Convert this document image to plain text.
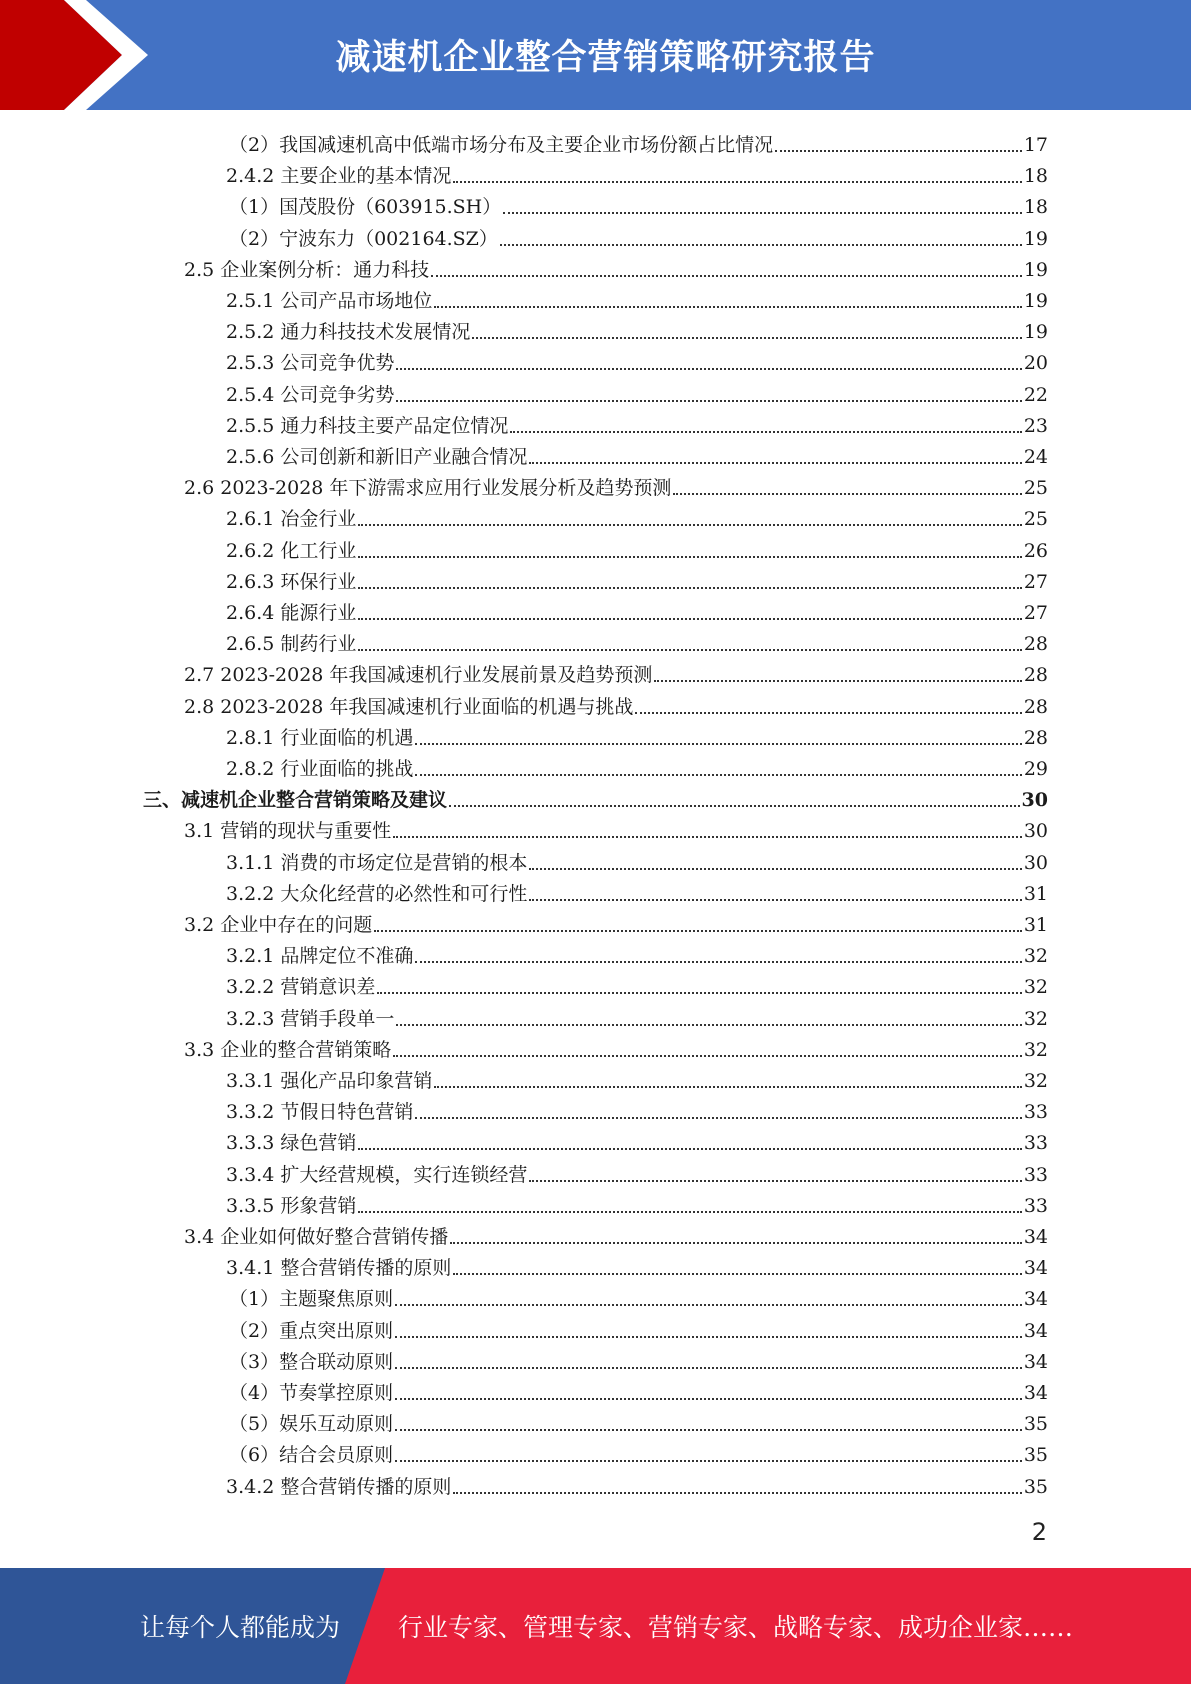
减速机企业整合营销策略研究报告
（2）我国减速机高中低端市场分布及主要企业市场份额占比情况	17
2.4.2 主要企业的基本情况	18
（1）国茂股份（603915.SH）	18
（2）宁波东力（002164.SZ）	19
2.5 企业案例分析：通力科技	19
2.5.1 公司产品市场地位	19
2.5.2 通力科技技术发展情况	19
2.5.3 公司竞争优势	20
2.5.4 公司竞争劣势	22
2.5.5 通力科技主要产品定位情况	23
2.5.6 公司创新和新旧产业融合情况	24
2.6 2023-2028 年下游需求应用行业发展分析及趋势预测	25
2.6.1 冶金行业	25
2.6.2 化工行业	26
2.6.3 环保行业	27
2.6.4 能源行业	27
2.6.5 制药行业	28
2.7 2023-2028 年我国减速机行业发展前景及趋势预测	28
2.8 2023-2028 年我国减速机行业面临的机遇与挑战	28
2.8.1 行业面临的机遇	28
2.8.2 行业面临的挑战	29
三、减速机企业整合营销策略及建议	30
3.1 营销的现状与重要性	30
3.1.1 消费的市场定位是营销的根本	30
3.2.2 大众化经营的必然性和可行性	31
3.2 企业中存在的问题	31
3.2.1 品牌定位不准确	32
3.2.2 营销意识差	32
3.2.3 营销手段单一	32
3.3 企业的整合营销策略	32
3.3.1 强化产品印象营销	32
3.3.2 节假日特色营销	33
3.3.3 绿色营销	33
3.3.4 扩大经营规模，实行连锁经营	33
3.3.5 形象营销	33
3.4 企业如何做好整合营销传播	34
3.4.1 整合营销传播的原则	34
（1）主题聚焦原则	34
（2）重点突出原则	34
（3）整合联动原则	34
（4）节奏掌控原则	34
（5）娱乐互动原则	35
（6）结合会员原则	35
3.4.2 整合营销传播的原则	35
2
让每个人都能成为 行业专家、管理专家、营销专家、战略专家、成功企业家……
